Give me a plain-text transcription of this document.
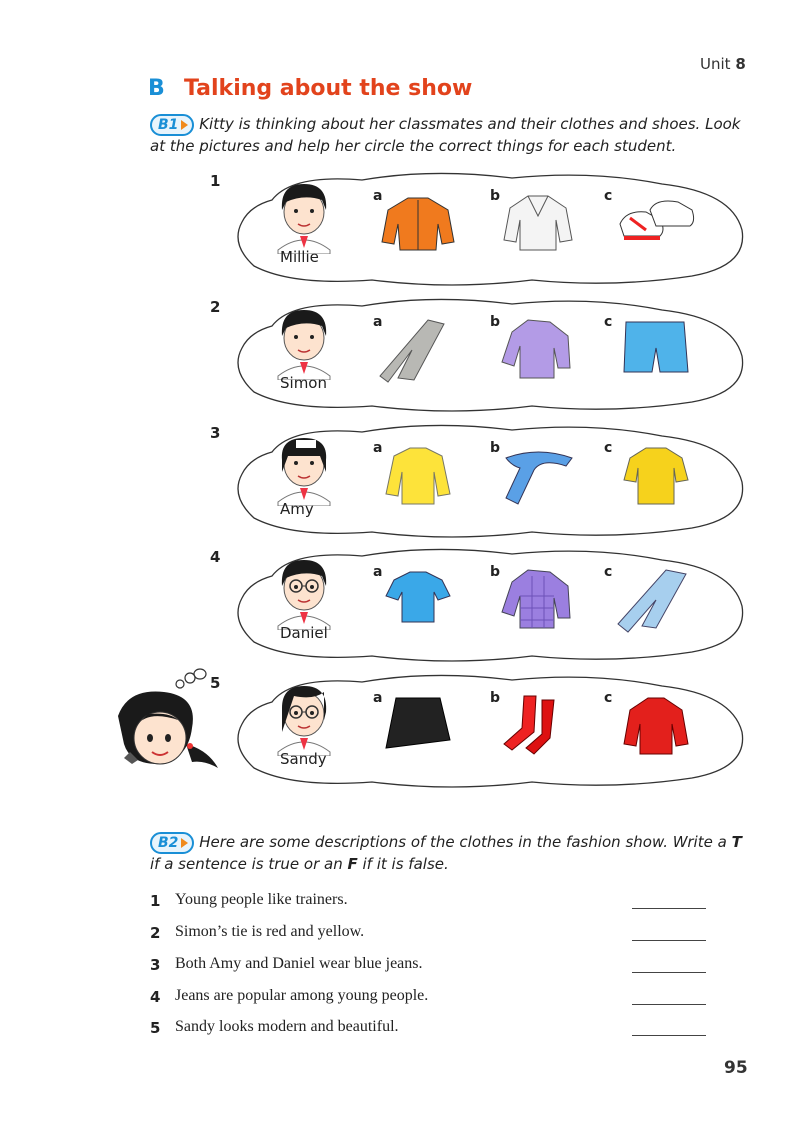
Unit 8
B Talking about the show
B1 Kitty is thinking about her classmates and their clothes and shoes. Look
at the pictures and help her circle the correct things for each student.
1
Millie
a	b	c
2
Simon
a	b	c
3
Amy
a	b	c
4
Daniel
a	b	c
5
Sandy
a	b	c
B2 Here are some descriptions of the clothes in the fashion show. Write a T
if a sentence is true or an F if it is false.
1 Young people like trainers.
2 Simon’s tie is red and yellow.
3 Both Amy and Daniel wear blue jeans.
4 Jeans are popular among young people.
5 Sandy looks modern and beautiful.
95
